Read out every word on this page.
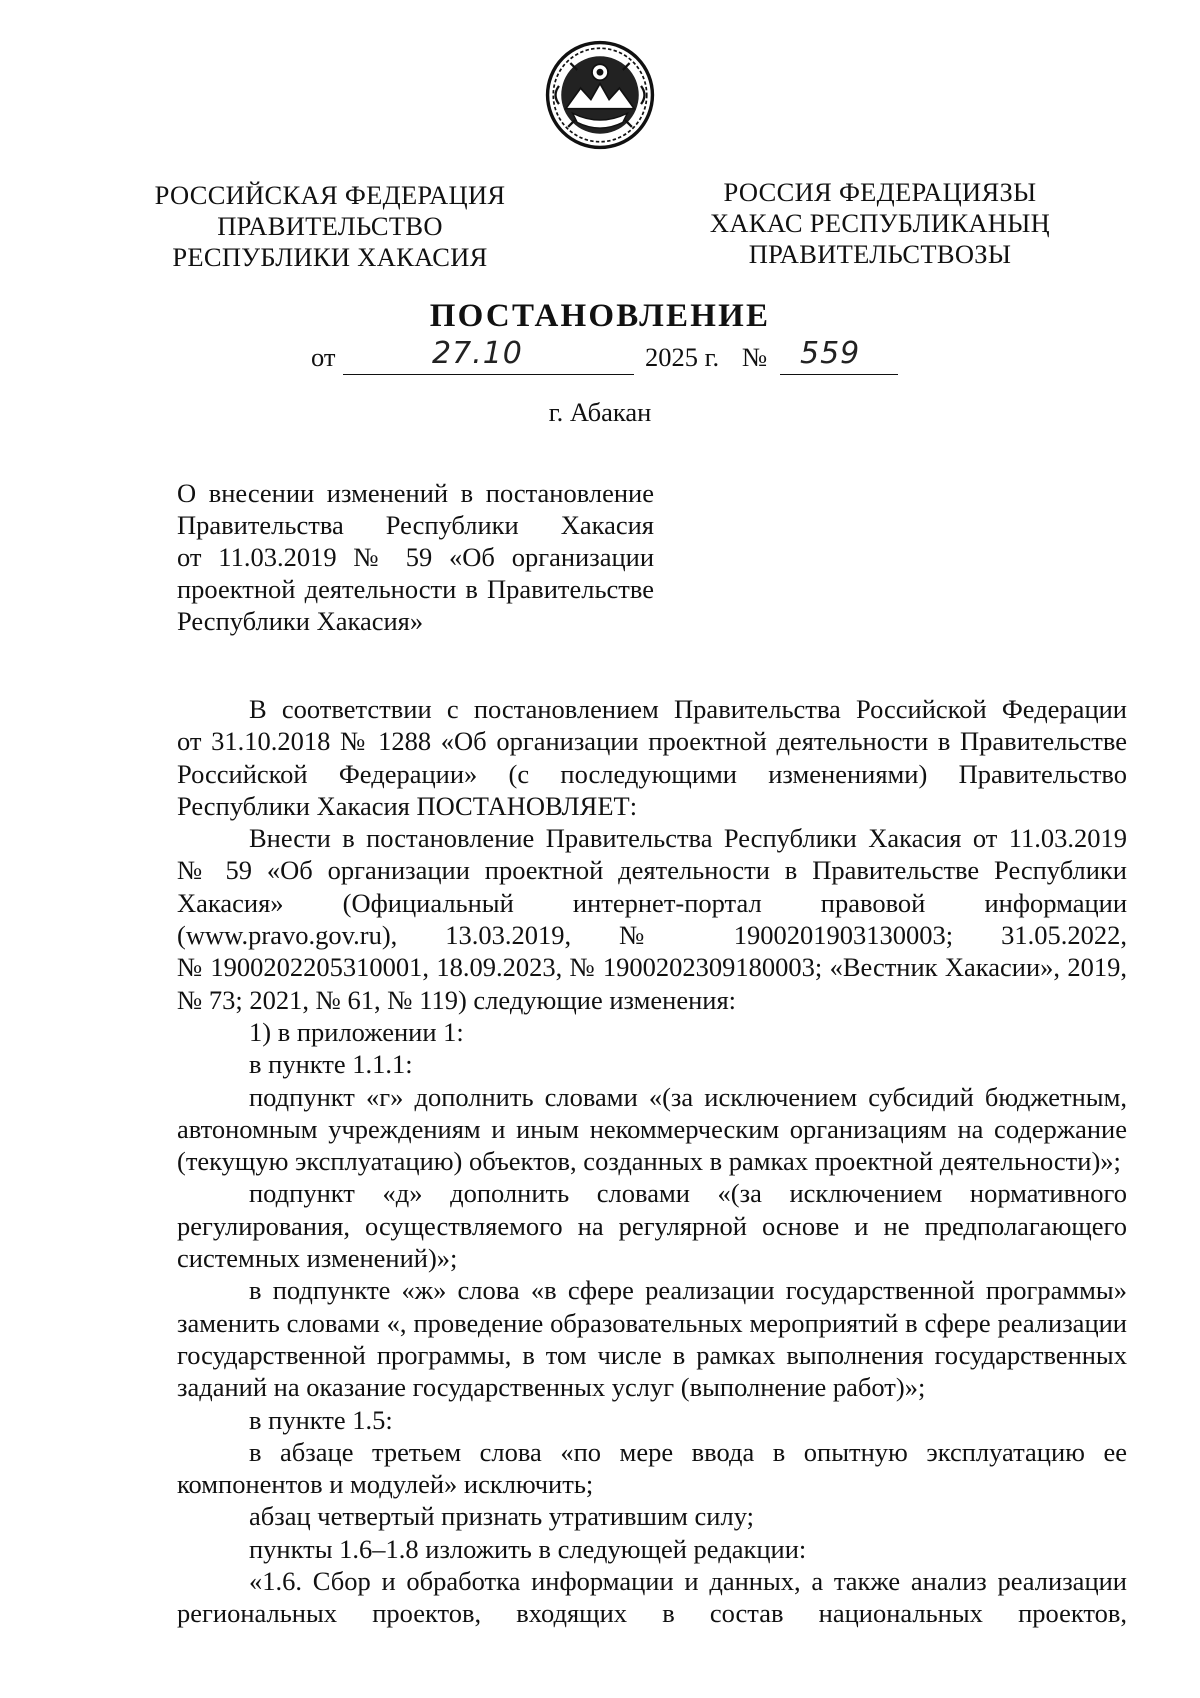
РОССИЙСКАЯ ФЕДЕРАЦИЯ
ПРАВИТЕЛЬСТВО
РЕСПУБЛИКИ ХАКАСИЯ
РОССИЯ ФЕДЕРАЦИЯЗЫ
ХАКАС РЕСПУБЛИКАНЫҢ
ПРАВИТЕЛЬСТВОЗЫ
ПОСТАНОВЛЕНИЕ
от	27.10	2025 г. № 559
г. Абакан
О внесении изменений в постановление
Правительства Республики Хакасия
от 11.03.2019 № 59 «Об организации
проектной деятельности в Правительстве
Республики Хакасия»
В соответствии с постановлением Правительства Российской Федерации
от 31.10.2018 № 1288 «Об организации проектной деятельности в Правительстве
Российской Федерации» (с последующими изменениями) Правительство
Республики Хакасия ПОСТАНОВЛЯЕТ:
Внести в постановление Правительства Республики Хакасия от 11.03.2019
№ 59 «Об организации проектной деятельности в Правительстве Республики
Хакасия» (Официальный интернет-портал правовой информации
(www.pravo.gov.ru), 13.03.2019, № 1900201903130003; 31.05.2022,
№ 1900202205310001, 18.09.2023, № 1900202309180003; «Вестник Хакасии», 2019,
№ 73; 2021, № 61, № 119) следующие изменения:
1) в приложении 1:
в пункте 1.1.1:
подпункт «г» дополнить словами «(за исключением субсидий бюджетным,
автономным учреждениям и иным некоммерческим организациям на содержание
(текущую эксплуатацию) объектов, созданных в рамках проектной деятельности)»;
подпункт «д» дополнить словами «(за исключением нормативного
регулирования, осуществляемого на регулярной основе и не предполагающего
системных изменений)»;
в подпункте «ж» слова «в сфере реализации государственной программы»
заменить словами «, проведение образовательных мероприятий в сфере реализации
государственной программы, в том числе в рамках выполнения государственных
заданий на оказание государственных услуг (выполнение работ)»;
в пункте 1.5:
в абзаце третьем слова «по мере ввода в опытную эксплуатацию ее
компонентов и модулей» исключить;
абзац четвертый признать утратившим силу;
пункты 1.6–1.8 изложить в следующей редакции:
«1.6. Сбор и обработка информации и данных, а также анализ реализации
региональных проектов, входящих в состав национальных проектов,
